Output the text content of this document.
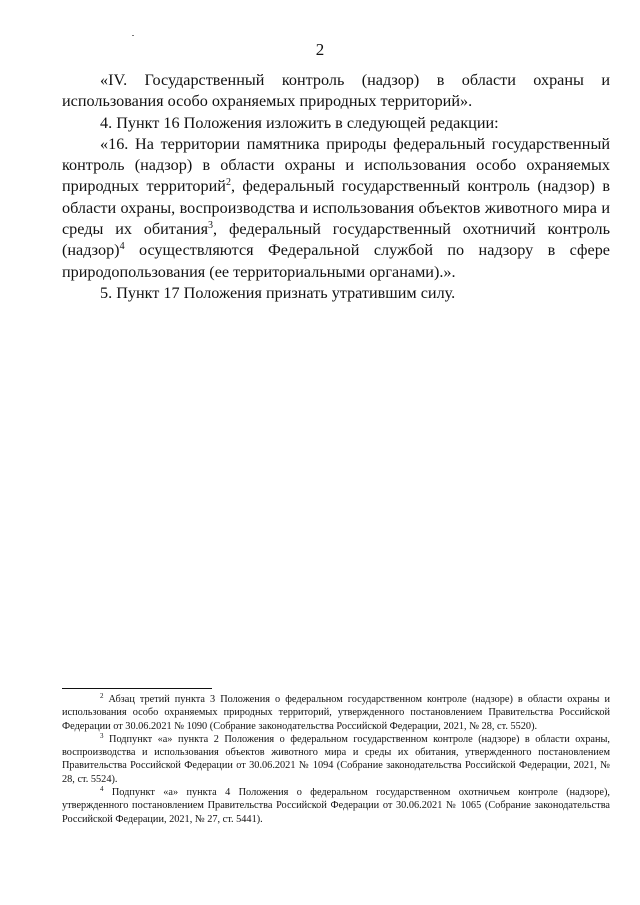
2

«IV. Государственный контроль (надзор) в области охраны и использования особо охраняемых природных территорий».

4. Пункт 16 Положения изложить в следующей редакции:

«16. На территории памятника природы федеральный государственный контроль (надзор) в области охраны и использования особо охраняемых природных территорий$^2$, федеральный государственный контроль (надзор) в области охраны, воспроизводства и использования объектов животного мира и среды их обитания$^3$, федеральный государственный охотничий контроль (надзор)$^4$ осуществляются Федеральной службой по надзору в сфере природопользования (ее территориальными органами).».

5. Пункт 17 Положения признать утратившим силу.

$^2$ Абзац третий пункта 3 Положения о федеральном государственном контроле (надзоре) в области охраны и использования особо охраняемых природных территорий, утвержденного постановлением Правительства Российской Федерации от 30.06.2021 № 1090 (Собрание законодательства Российской Федерации, 2021, № 28, ст. 5520).

$^3$ Подпункт «а» пункта 2 Положения о федеральном государственном контроле (надзоре) в области охраны, воспроизводства и использования объектов животного мира и среды их обитания, утвержденного постановлением Правительства Российской Федерации от 30.06.2021 № 1094 (Собрание законодательства Российской Федерации, 2021, № 28, ст. 5524).

$^4$ Подпункт «а» пункта 4 Положения о федеральном государственном охотничьем контроле (надзоре), утвержденного постановлением Правительства Российской Федерации от 30.06.2021 № 1065 (Собрание законодательства Российской Федерации, 2021, № 27, ст. 5441).
